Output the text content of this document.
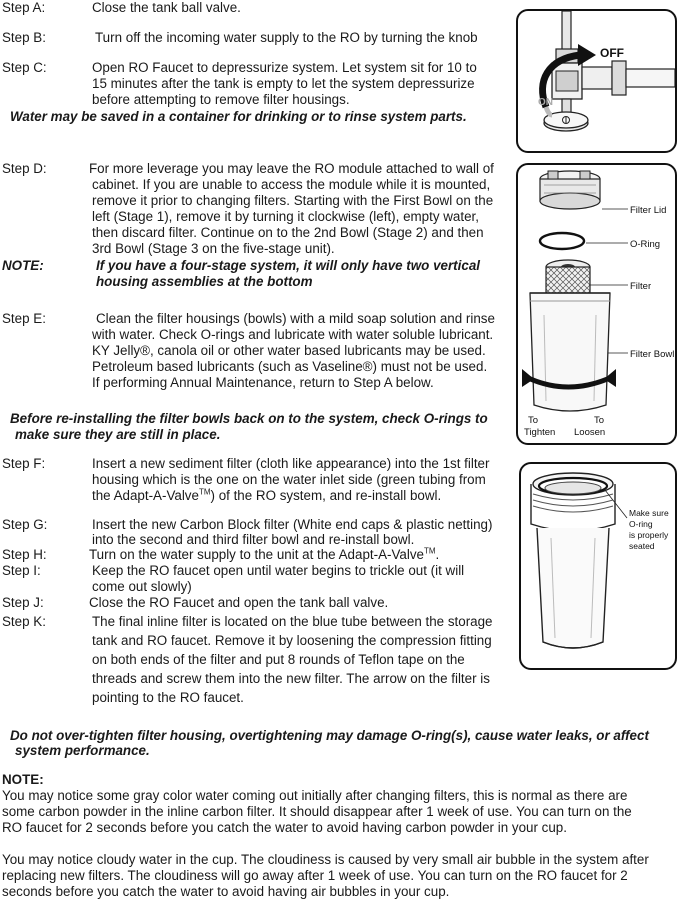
Step A:	Close the tank ball valve.
Step B:	Turn off the incoming water supply to the RO by turning the knob
Step C:	Open RO Faucet to depressurize system. Let system sit for 10 to
15 minutes after the tank is empty to let the system depressurize
before attempting to remove filter housings.
Water may be saved in a container for drinking or to rinse system parts.
OFF
ON
Step D:	For more leverage you may leave the RO module attached to wall of
cabinet. If you are unable to access the module while it is mounted,
remove it prior to changing filters. Starting with the First Bowl on the
left (Stage 1), remove it by turning it clockwise (left), empty water,
then discard filter. Continue on to the 2nd Bowl (Stage 2) and then
3rd Bowl (Stage 3 on the five-stage unit).
NOTE:	If you have a four-stage system, it will only have two vertical
housing assemblies at the bottom
Filter Lid
O-Ring
Filter
Filter Bowl
To
Tighten
To
Loosen
Step E:	Clean the filter housings (bowls) with a mild soap solution and rinse
with water. Check O-rings and lubricate with water soluble lubricant.
KY Jelly®, canola oil or other water based lubricants may be used.
Petroleum based lubricants (such as Vaseline®) must not be used.
If performing Annual Maintenance, return to Step A below.
Before re-installing the filter bowls back on to the system, check O-rings to
make sure they are still in place.
Step F:	Insert a new sediment filter (cloth like appearance) into the 1st filter
housing which is the one on the water inlet side (green tubing from
the Adapt-A-Valve™) of the RO system, and re-install bowl.
Step G:	Insert the new Carbon Block filter (White end caps & plastic netting)
into the second and third filter bowl and re-install bowl.
Step H:	Turn on the water supply to the unit at the Adapt-A-Valve™.
Step I:	Keep the RO faucet open until water begins to trickle out (it will
come out slowly)
Step J:	Close the RO Faucet and open the tank ball valve.
Step K:	The final inline filter is located on the blue tube between the storage
tank and RO faucet. Remove it by loosening the compression fitting
on both ends of the filter and put 8 rounds of Teflon tape on the
threads and screw them into the new filter. The arrow on the filter is
pointing to the RO faucet.
Make sure
O-ring
is properly
seated
Do not over-tighten filter housing, overtightening may damage O-ring(s), cause water leaks, or affect
system performance.
NOTE:
You may notice some gray color water coming out initially after changing filters, this is normal as there are
some carbon powder in the inline carbon filter. It should disappear after 1 week of use. You can turn on the
RO faucet for 2 seconds before you catch the water to avoid having carbon powder in your cup.
You may notice cloudy water in the cup. The cloudiness is caused by very small air bubble in the system after
replacing new filters. The cloudiness will go away after 1 week of use. You can turn on the RO faucet for 2
seconds before you catch the water to avoid having air bubbles in your cup.
